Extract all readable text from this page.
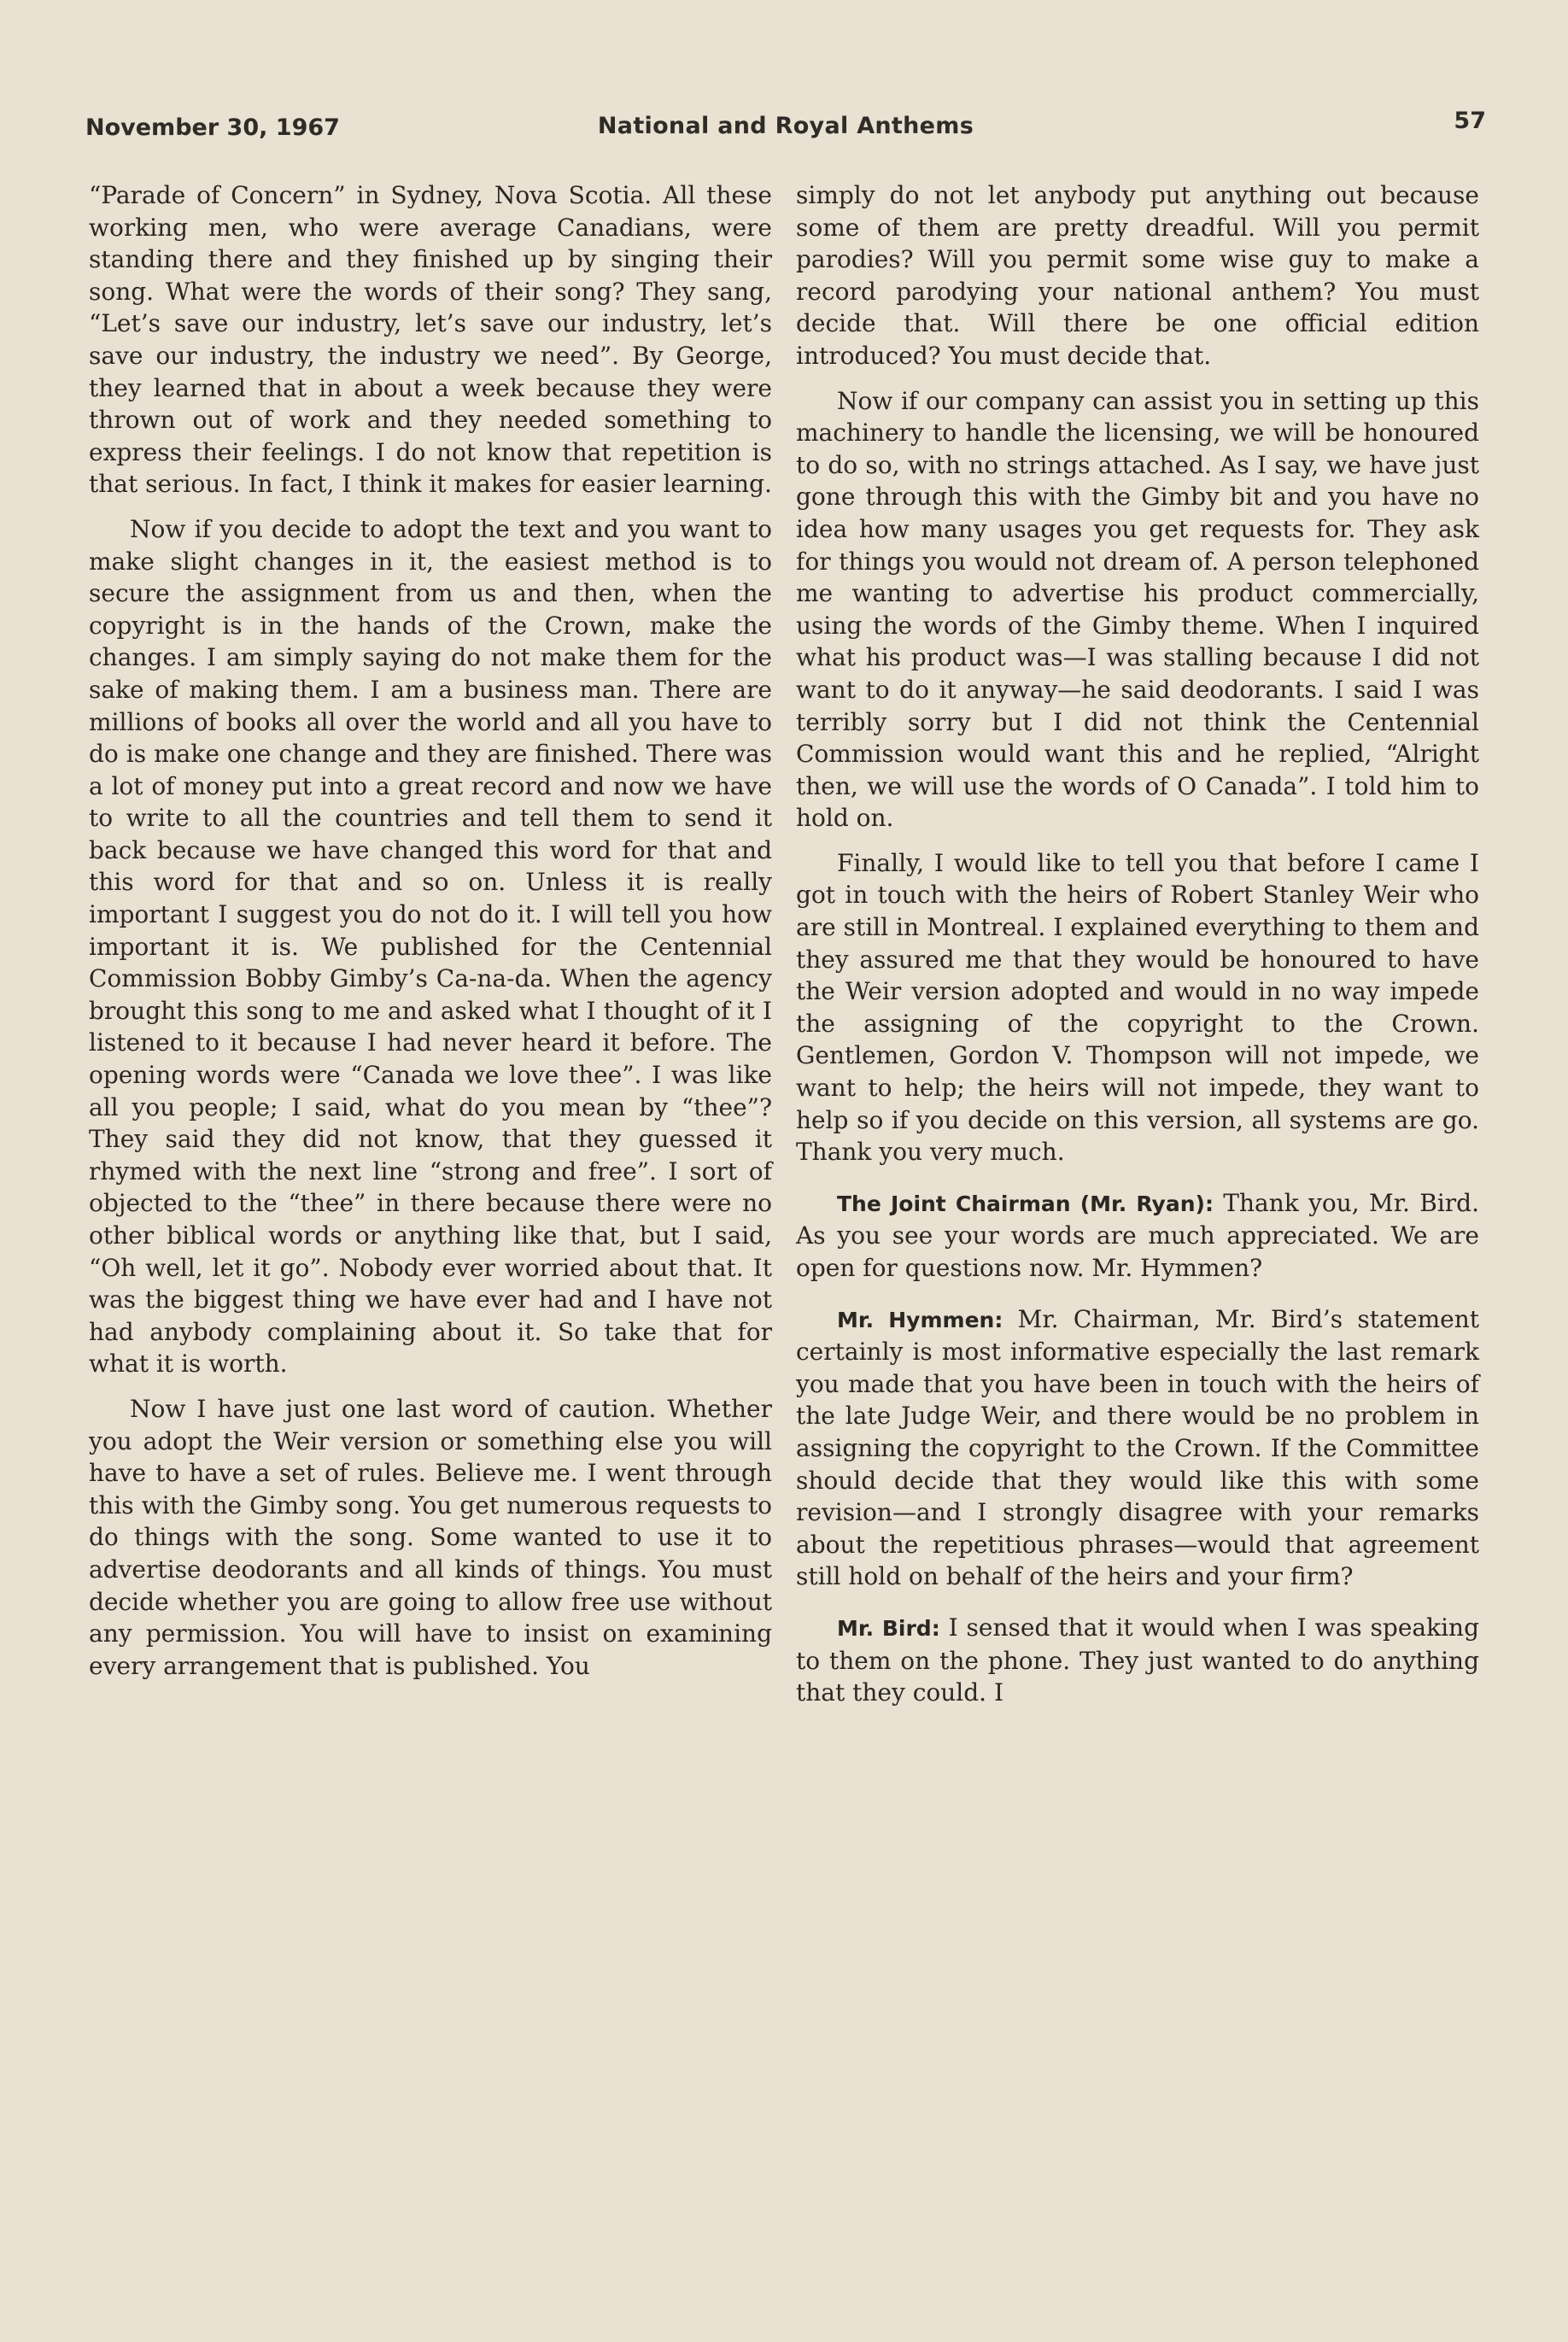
November 30, 1967	National and Royal Anthems	57

“Parade of Concern” in Sydney, Nova Scotia. All these working men, who were average Canadians, were standing there and they finished up by singing their song. What were the words of their song? They sang, “Let’s save our industry, let’s save our industry, let’s save our industry, the industry we need”. By George, they learned that in about a week because they were thrown out of work and they needed something to express their feelings. I do not know that repetition is that serious. In fact, I think it makes for easier learning.

Now if you decide to adopt the text and you want to make slight changes in it, the easiest method is to secure the assignment from us and then, when the copyright is in the hands of the Crown, make the changes. I am simply saying do not make them for the sake of making them. I am a business man. There are millions of books all over the world and all you have to do is make one change and they are finished. There was a lot of money put into a great record and now we have to write to all the countries and tell them to send it back because we have changed this word for that and this word for that and so on. Unless it is really important I suggest you do not do it. I will tell you how important it is. We published for the Centennial Commission Bobby Gimby’s Ca-na-da. When the agency brought this song to me and asked what I thought of it I listened to it because I had never heard it before. The opening words were “Canada we love thee”. I was like all you people; I said, what do you mean by “thee”? They said they did not know, that they guessed it rhymed with the next line “strong and free”. I sort of objected to the “thee” in there because there were no other biblical words or anything like that, but I said, “Oh well, let it go”. Nobody ever worried about that. It was the biggest thing we have ever had and I have not had anybody complaining about it. So take that for what it is worth.

Now I have just one last word of caution. Whether you adopt the Weir version or something else you will have to have a set of rules. Believe me. I went through this with the Gimby song. You get numerous requests to do things with the song. Some wanted to use it to advertise deodorants and all kinds of things. You must decide whether you are going to allow free use without any permission. You will have to insist on examining every arrangement that is published. You

simply do not let anybody put anything out because some of them are pretty dreadful. Will you permit parodies? Will you permit some wise guy to make a record parodying your national anthem? You must decide that. Will there be one official edition introduced? You must decide that.

Now if our company can assist you in setting up this machinery to handle the licensing, we will be honoured to do so, with no strings attached. As I say, we have just gone through this with the Gimby bit and you have no idea how many usages you get requests for. They ask for things you would not dream of. A person telephoned me wanting to advertise his product commercially, using the words of the Gimby theme. When I inquired what his product was—I was stalling because I did not want to do it anyway—he said deodorants. I said I was terribly sorry but I did not think the Centennial Commission would want this and he replied, “Alright then, we will use the words of O Canada”. I told him to hold on.

Finally, I would like to tell you that before I came I got in touch with the heirs of Robert Stanley Weir who are still in Montreal. I explained everything to them and they assured me that they would be honoured to have the Weir version adopted and would in no way impede the assigning of the copyright to the Crown. Gentlemen, Gordon V. Thompson will not impede, we want to help; the heirs will not impede, they want to help so if you decide on this version, all systems are go. Thank you very much.

The Joint Chairman (Mr. Ryan): Thank you, Mr. Bird. As you see your words are much appreciated. We are open for questions now. Mr. Hymmen?

Mr. Hymmen: Mr. Chairman, Mr. Bird’s statement certainly is most informative especially the last remark you made that you have been in touch with the heirs of the late Judge Weir, and there would be no problem in assigning the copyright to the Crown. If the Committee should decide that they would like this with some revision—and I strongly disagree with your remarks about the repetitious phrases—would that agreement still hold on behalf of the heirs and your firm?

Mr. Bird: I sensed that it would when I was speaking to them on the phone. They just wanted to do anything that they could. I
